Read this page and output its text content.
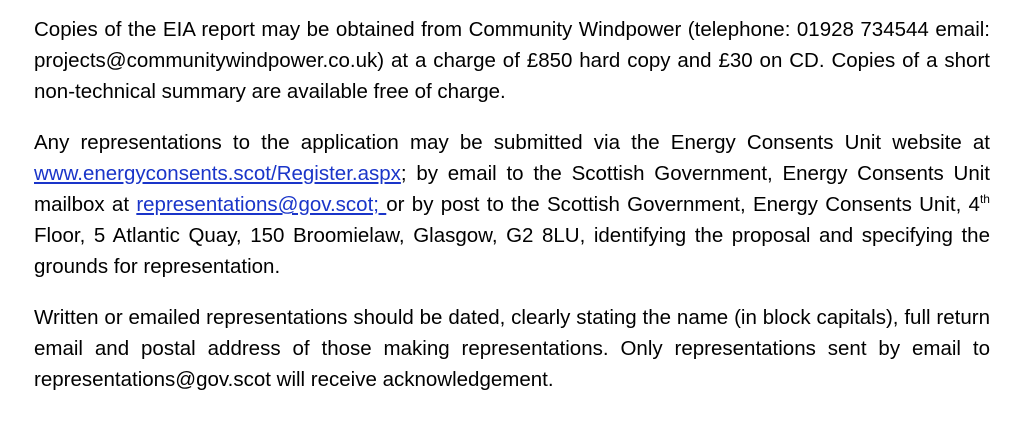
Copies of the EIA report may be obtained from Community Windpower (telephone: 01928 734544 email: projects@communitywindpower.co.uk) at a charge of £850 hard copy and £30 on CD. Copies of a short non-technical summary are available free of charge.

Any representations to the application may be submitted via the Energy Consents Unit website at www.energyconsents.scot/Register.aspx; by email to the Scottish Government, Energy Consents Unit mailbox at representations@gov.scot; or by post to the Scottish Government, Energy Consents Unit, 4th Floor, 5 Atlantic Quay, 150 Broomielaw, Glasgow, G2 8LU, identifying the proposal and specifying the grounds for representation.

Written or emailed representations should be dated, clearly stating the name (in block capitals), full return email and postal address of those making representations. Only representations sent by email to representations@gov.scot will receive acknowledgement.
